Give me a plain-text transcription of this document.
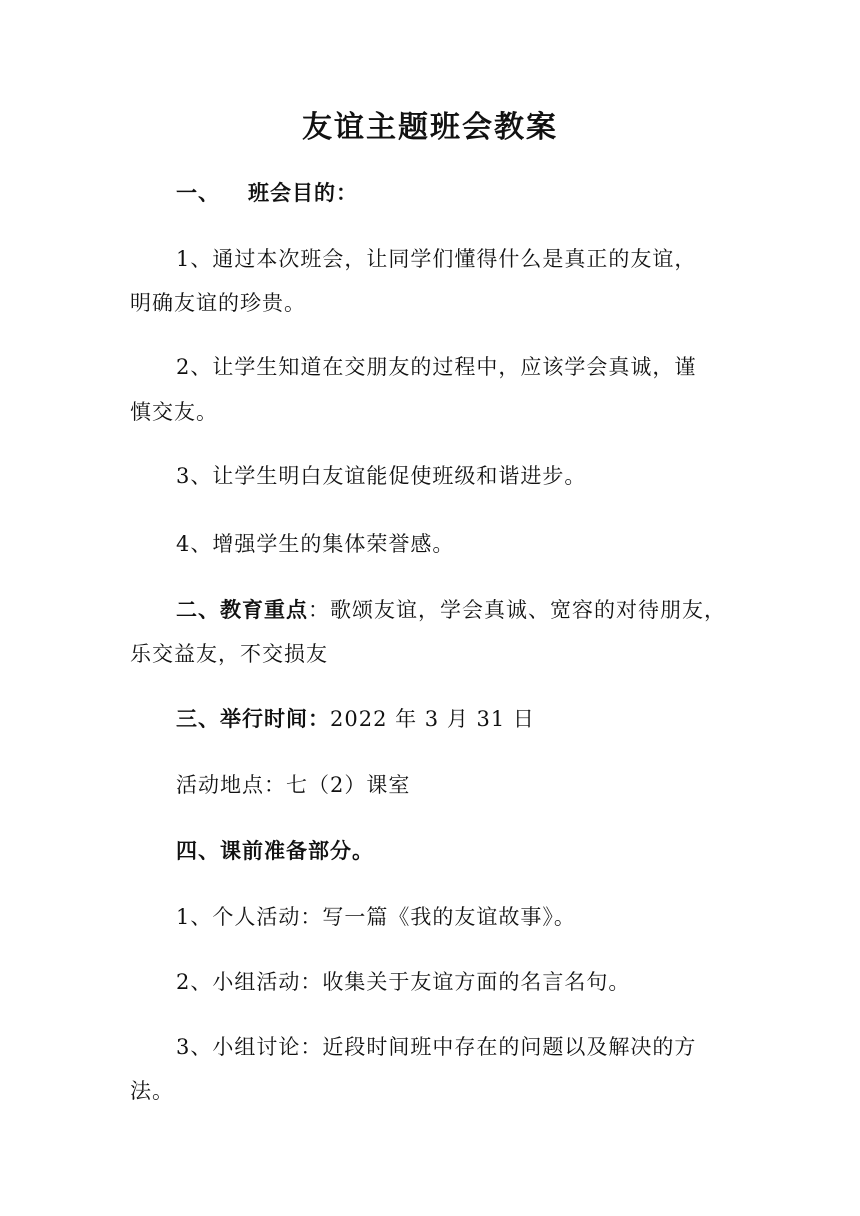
友谊主题班会教案
一、 班会目的：
1、通过本次班会，让同学们懂得什么是真正的友谊，
明确友谊的珍贵。
2、让学生知道在交朋友的过程中，应该学会真诚，谨
慎交友。
3、让学生明白友谊能促使班级和谐进步。
4、增强学生的集体荣誉感。
二、教育重点：歌颂友谊，学会真诚、宽容的对待朋友，
乐交益友，不交损友
三、举行时间：2022 年 3 月 31 日
活动地点：七（2）课室
四、课前准备部分。
1、个人活动：写一篇《我的友谊故事》。
2、小组活动：收集关于友谊方面的名言名句。
3、小组讨论：近段时间班中存在的问题以及解决的方
法。
